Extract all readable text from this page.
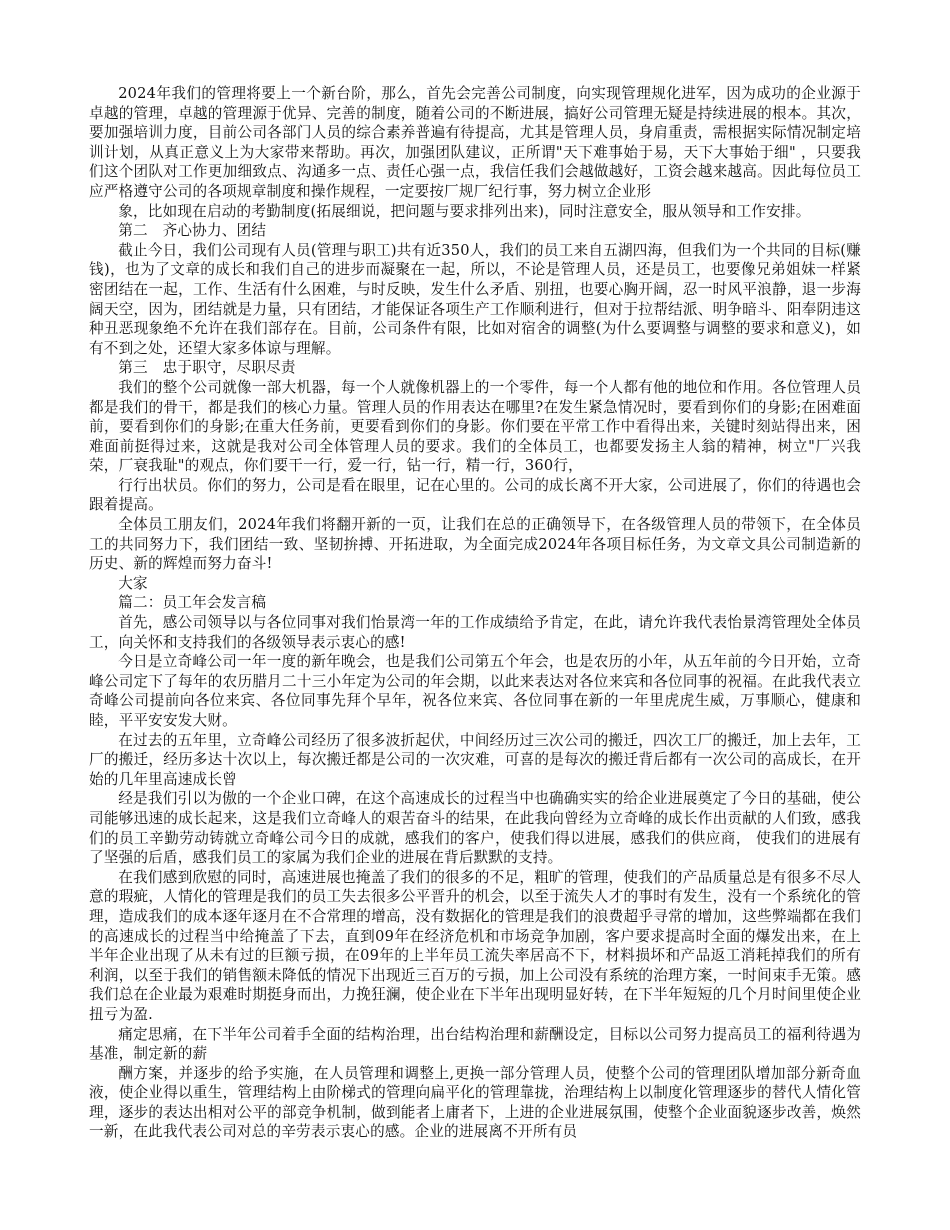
2024年我们的管理将要上一个新台阶，那么，首先会完善公司制度，向实现管理规化进军，因为成功的企业源于卓越的管理，卓越的管理源于优异、完善的制度，随着公司的不断进展，搞好公司管理无疑是持续进展的根本。其次，要加强培训力度，目前公司各部门人员的综合素养普遍有待提高，尤其是管理人员，身肩重责，需根据实际情况制定培训计划，从真正意义上为大家带来帮助。再次，加强团队建议，正所谓"天下难事始于易，天下大事始于细" ，只要我们这个团队对工作更加细致点、沟通多一点、责任心强一点，我信任我们会越做越好，工资会越来越高。因此每位员工应严格遵守公司的各项规章制度和操作规程，一定要按厂规厂纪行事，努力树立企业形

象，比如现在启动的考勤制度(拓展细说，把问题与要求排列出来)，同时注意安全，服从领导和工作安排。

第二　齐心协力、团结

截止今日，我们公司现有人员(管理与职工)共有近350人，我们的员工来自五湖四海，但我们为一个共同的目标(赚钱)，也为了文章的成长和我们自己的进步而凝聚在一起，所以，不论是管理人员，还是员工，也要像兄弟姐妹一样紧密团结在一起，工作、生活有什么困难，与时反映，发生什么矛盾、别扭，也要心胸开阔，忍一时风平浪静，退一步海阔天空，因为，团结就是力量，只有团结，才能保证各项生产工作顺利进行，但对于拉帮结派、明争暗斗、阳奉阴违这种丑恶现象绝不允许在我们部存在。目前，公司条件有限，比如对宿舍的调整(为什么要调整与调整的要求和意义)，如有不到之处，还望大家多体谅与理解。

第三　忠于职守，尽职尽责

我们的整个公司就像一部大机器，每一个人就像机器上的一个零件，每一个人都有他的地位和作用。各位管理人员都是我们的骨干，都是我们的核心力量。管理人员的作用表达在哪里?在发生紧急情况时，要看到你们的身影;在困难面前，要看到你们的身影;在重大任务前，更要看到你们的身影。你们要在平常工作中看得出来，关键时刻站得出来，困难面前挺得过来，这就是我对公司全体管理人员的要求。我们的全体员工，也都要发扬主人翁的精神，树立"厂兴我荣，厂衰我耻"的观点，你们要干一行，爱一行，钻一行，精一行，360行，

行行出状员。你们的努力，公司是看在眼里，记在心里的。公司的成长离不开大家，公司进展了，你们的待遇也会跟着提高。

全体员工朋友们，2024年我们将翻开新的一页，让我们在总的正确领导下，在各级管理人员的带领下，在全体员工的共同努力下，我们团结一致、坚韧拚搏、开拓进取，为全面完成2024年各项目标任务，为文章文具公司制造新的历史、新的辉煌而努力奋斗!

大家

篇二：员工年会发言稿

首先，感公司领导以与各位同事对我们怡景湾一年的工作成绩给予肯定，在此，请允许我代表怡景湾管理处全体员工，向关怀和支持我们的各级领导表示衷心的感!

今日是立奇峰公司一年一度的新年晚会，也是我们公司第五个年会，也是农历的小年，从五年前的今日开始，立奇峰公司定下了每年的农历腊月二十三小年定为公司的年会期，以此来表达对各位来宾和各位同事的祝福。在此我代表立奇峰公司提前向各位来宾、各位同事先拜个早年，祝各位来宾、各位同事在新的一年里虎虎生威，万事顺心，健康和睦，平平安安发大财。

在过去的五年里，立奇峰公司经历了很多波折起伏，中间经历过三次公司的搬迁，四次工厂的搬迁，加上去年，工厂的搬迁，经历多达十次以上，每次搬迁都是公司的一次灾难，可喜的是每次的搬迁背后都有一次公司的高成长，在开始的几年里高速成长曾

经是我们引以为傲的一个企业口碑，在这个高速成长的过程当中也确确实实的给企业进展奠定了今日的基础，使公司能够迅速的成长起来，这是我们立奇峰人的艰苦奋斗的结果，在此我向曾经为立奇峰的成长作出贡献的人们致，感我们的员工辛勤劳动铸就立奇峰公司今日的成就，感我们的客户，使我们得以进展，感我们的供应商， 使我们的进展有了坚强的后盾，感我们员工的家属为我们企业的进展在背后默默的支持。

在我们感到欣慰的同时，高速进展也掩盖了我们的很多的不足，粗旷的管理，使我们的产品质量总是有很多不尽人意的瑕疵，人情化的管理是我们的员工失去很多公平晋升的机会，以至于流失人才的事时有发生，没有一个系统化的管理，造成我们的成本逐年逐月在不合常理的增高，没有数据化的管理是我们的浪费超乎寻常的增加，这些弊端都在我们的高速成长的过程当中给掩盖了下去，直到09年在经济危机和市场竞争加剧，客户要求提高时全面的爆发出来，在上半年企业出现了从未有过的巨额亏损，在09年的上半年员工流失率居高不下，材料损坏和产品返工消耗掉我们的所有利润，以至于我们的销售额未降低的情况下出现近三百万的亏损，加上公司没有系统的治理方案，一时间束手无策。感我们总在企业最为艰难时期挺身而出，力挽狂澜，使企业在下半年出现明显好转，在下半年短短的几个月时间里使企业扭亏为盈.

痛定思痛，在下半年公司着手全面的结构治理，出台结构治理和薪酬设定，目标以公司努力提高员工的福利待遇为基准，制定新的薪

酬方案，并逐步的给予实施，在人员管理和调整上,更换一部分管理人员，使整个公司的管理团队增加部分新奇血液，使企业得以重生，管理结构上由阶梯式的管理向扁平化的管理靠拢，治理结构上以制度化管理逐步的替代人情化管理，逐步的表达出相对公平的部竞争机制，做到能者上庸者下，上进的企业进展氛围，使整个企业面貌逐步改善，焕然一新，在此我代表公司对总的辛劳表示衷心的感。企业的进展离不开所有员
